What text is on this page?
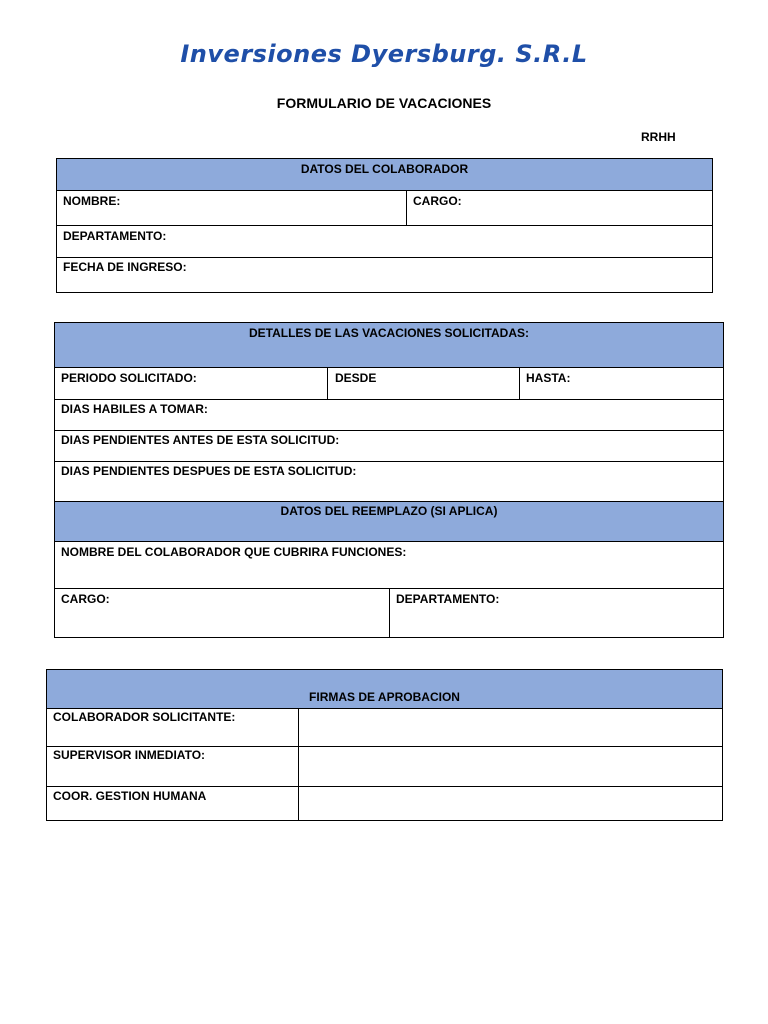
Inversiones Dyersburg. S.R.L
FORMULARIO DE VACACIONES
RRHH
DATOS DEL COLABORADOR
NOMBRE:	CARGO:
DEPARTAMENTO:
FECHA DE INGRESO:
DETALLES DE LAS VACACIONES SOLICITADAS:
PERIODO SOLICITADO:	DESDE	HASTA:
DIAS HABILES A TOMAR:
DIAS PENDIENTES ANTES DE ESTA SOLICITUD:
DIAS PENDIENTES DESPUES DE ESTA SOLICITUD:
DATOS DEL REEMPLAZO (SI APLICA)
NOMBRE DEL COLABORADOR QUE CUBRIRA FUNCIONES:
CARGO:	DEPARTAMENTO:
FIRMAS DE APROBACION
COLABORADOR SOLICITANTE:
SUPERVISOR INMEDIATO:
COOR. GESTION HUMANA
